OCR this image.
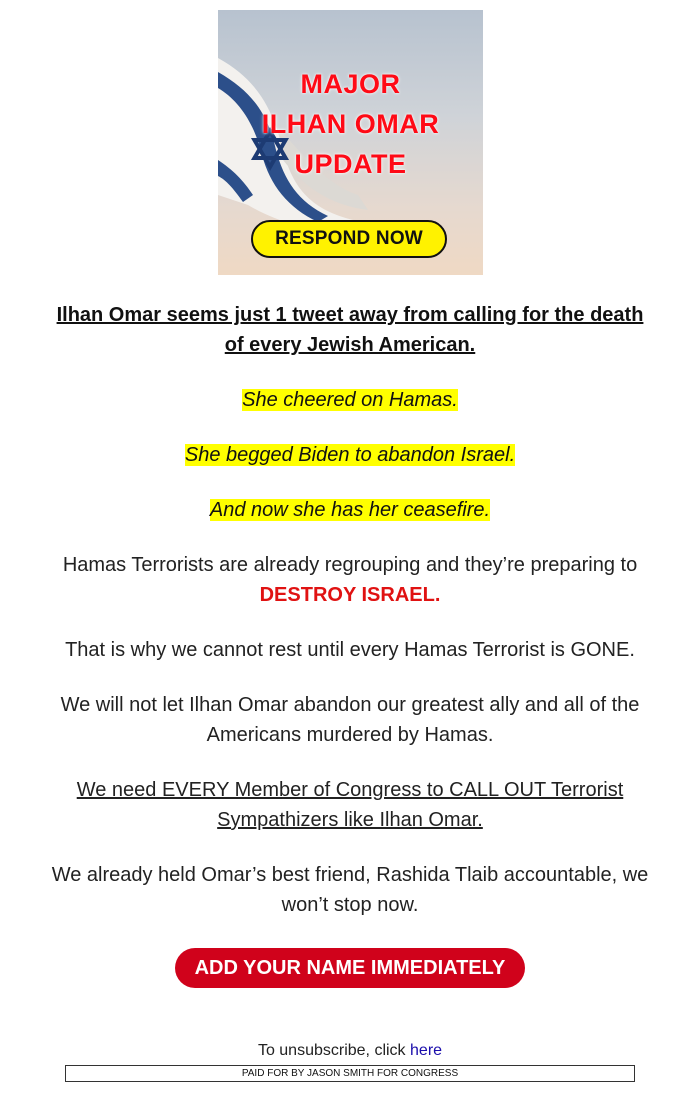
MAJOR
ILHAN OMAR
UPDATE
RESPOND NOW

Ilhan Omar seems just 1 tweet away from calling for the death of every Jewish American.

She cheered on Hamas.

She begged Biden to abandon Israel.

And now she has her ceasefire.

Hamas Terrorists are already regrouping and they’re preparing to DESTROY ISRAEL.

That is why we cannot rest until every Hamas Terrorist is GONE.

We will not let Ilhan Omar abandon our greatest ally and all of the Americans murdered by Hamas.

We need EVERY Member of Congress to CALL OUT Terrorist Sympathizers like Ilhan Omar.

We already held Omar’s best friend, Rashida Tlaib accountable, we won’t stop now.

ADD YOUR NAME IMMEDIATELY
To unsubscribe, click here
PAID FOR BY JASON SMITH FOR CONGRESS
